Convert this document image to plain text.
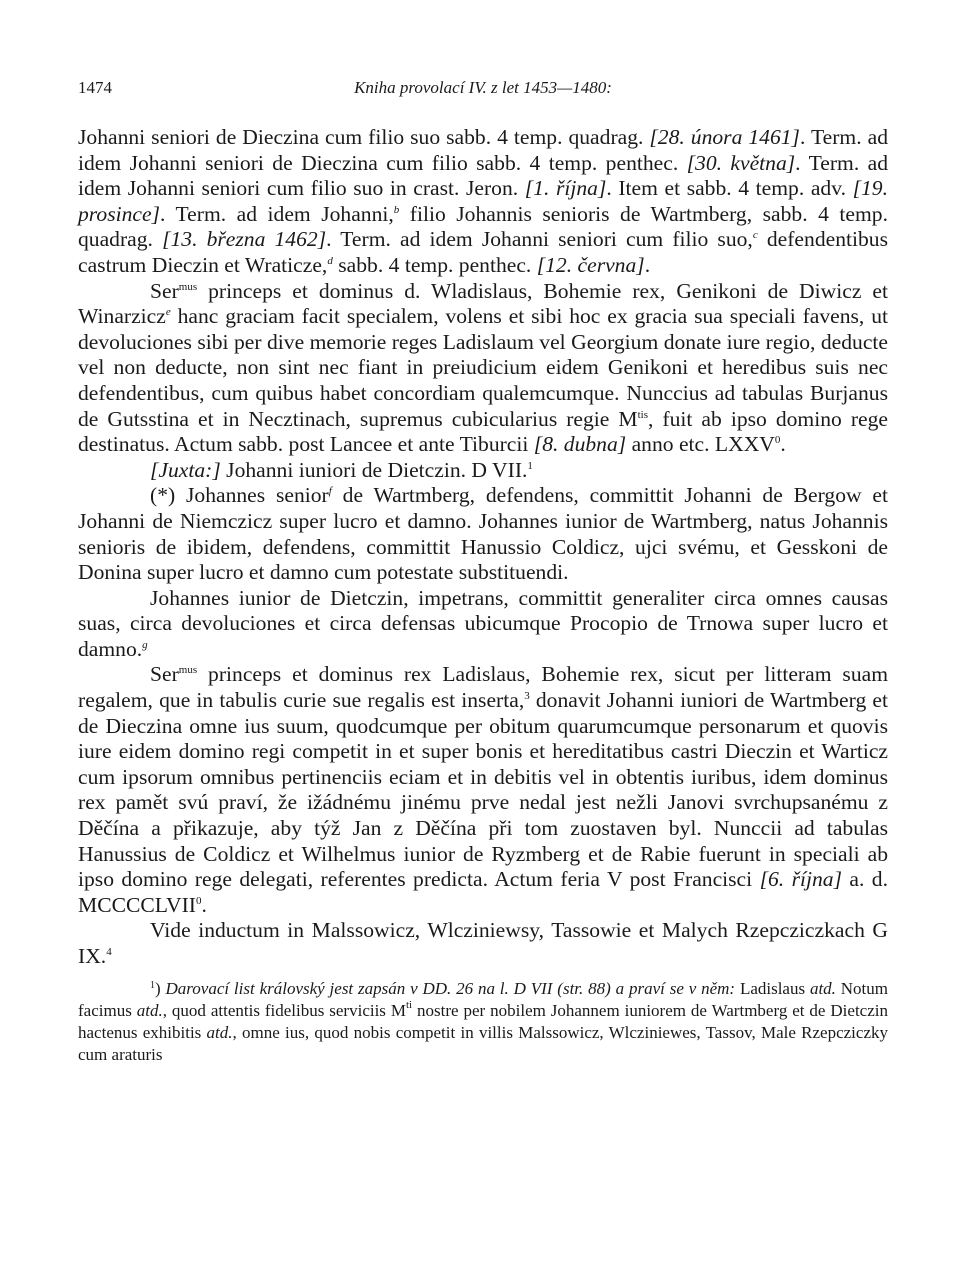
1474	Kniha provolací IV. z let 1453—1480:

Johanni seniori de Dieczina cum filio suo sabb. 4 temp. quadrag. [28. února 1461]. Term. ad idem Johanni seniori de Dieczina cum filio sabb. 4 temp. penthec. [30. května]. Term. ad idem Johanni seniori cum filio suo in crast. Jeron. [1. října]. Item et sabb. 4 temp. adv. [19. prosince]. Term. ad idem Johanni,$^b$ filio Johannis senioris de Wartmberg, sabb. 4 temp. quadrag. [13. března 1462]. Term. ad idem Johanni seniori cum filio suo,$^c$ defendentibus castrum Dieczin et Wraticze,$^d$ sabb. 4 temp. penthec. [12. června].

Ser$^{mus}$ princeps et dominus d. Wladislaus, Bohemie rex, Genikoni de Diwicz et Winarzicz$^e$ hanc graciam facit specialem, volens et sibi hoc ex gracia sua speciali favens, ut devoluciones sibi per dive memorie reges Ladislaum vel Georgium donate iure regio, deducte vel non deducte, non sint nec fiant in preiudicium eidem Genikoni et heredibus suis nec defendentibus, cum quibus habet concordiam qualemcumque. Nunccius ad tabulas Burjanus de Gutsstina et in Necztinach, supremus cubicularius regie $M^{tis}$, fuit ab ipso domino rege destinatus. Actum sabb. post Lancee et ante Tiburcii [8. dubna] anno etc. LXXV$^0$.

[Juxta:] Johanni iuniori de Dietczin. D VII.$^1$

(*) Johannes senior$^f$ de Wartmberg, defendens, committit Johanni de Bergow et Johanni de Niemczicz super lucro et damno. Johannes iunior de Wartmberg, natus Johannis senioris de ibidem, defendens, committit Hanussio Coldicz, ujci svému, et Gesskoni de Donina super lucro et damno cum potestate substituendi.

Johannes iunior de Dietczin, impetrans, committit generaliter circa omnes causas suas, circa devoluciones et circa defensas ubicumque Procopio de Trnowa super lucro et damno.$^g$

Ser$^{mus}$ princeps et dominus rex Ladislaus, Bohemie rex, sicut per litteram suam regalem, que in tabulis curie sue regalis est inserta,$^3$ donavit Johanni iuniori de Wartmberg et de Dieczina omne ius suum, quodcumque per obitum quarumcumque personarum et quovis iure eidem domino regi competit in et super bonis et hereditatibus castri Dieczin et Warticz cum ipsorum omnibus pertinenciis eciam et in debitis vel in obtentis iuribus, idem dominus rex pamět svú praví, že ižádnému jinému prve nedal jest nežli Janovi svrchupsanému z Děčína a přikazuje, aby týž Jan z Děčína při tom zuostaven byl. Nunccii ad tabulas Hanussius de Coldicz et Wilhelmus iunior de Ryzmberg et de Rabie fuerunt in speciali ab ipso domino rege delegati, referentes predicta. Actum feria V post Francisci [6. října] a. d. MCCCCLVII$^0$.

Vide inductum in Malssowicz, Wlcziniewsy, Tassowie et Malych Rzepcziczkach G IX.$^4$

$^1$) Darovací list královský jest zapsán v DD. 26 na l. D VII (str. 88) a praví se v něm: Ladislaus atd. Notum facimus atd., quod attentis fidelibus serviciis $M^{ti}$ nostre per nobilem Johannem iuniorem de Wartmberg et de Dietczin hactenus exhibitis atd., omne ius, quod nobis competit in villis Malssowicz, Wlcziniewes, Tassov, Male Rzepcziczky cum araturis
